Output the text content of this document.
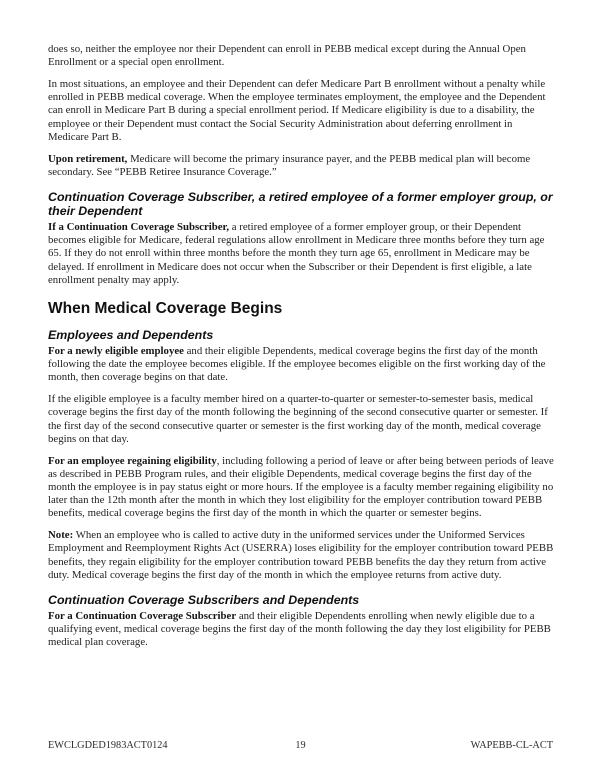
does so, neither the employee nor their Dependent can enroll in PEBB medical except during the Annual Open Enrollment or a special open enrollment.

In most situations, an employee and their Dependent can defer Medicare Part B enrollment without a penalty while enrolled in PEBB medical coverage. When the employee terminates employment, the employee and the Dependent can enroll in Medicare Part B during a special enrollment period. If Medicare eligibility is due to a disability, the employee or their Dependent must contact the Social Security Administration about deferring enrollment in Medicare Part B.

Upon retirement, Medicare will become the primary insurance payer, and the PEBB medical plan will become secondary. See “PEBB Retiree Insurance Coverage.”

Continuation Coverage Subscriber, a retired employee of a former employer group, or their Dependent

If a Continuation Coverage Subscriber, a retired employee of a former employer group, or their Dependent becomes eligible for Medicare, federal regulations allow enrollment in Medicare three months before they turn age 65. If they do not enroll within three months before the month they turn age 65, enrollment in Medicare may be delayed. If enrollment in Medicare does not occur when the Subscriber or their Dependent is first eligible, a late enrollment penalty may apply.

When Medical Coverage Begins
Employees and Dependents

For a newly eligible employee and their eligible Dependents, medical coverage begins the first day of the month following the date the employee becomes eligible. If the employee becomes eligible on the first working day of the month, then coverage begins on that date.

If the eligible employee is a faculty member hired on a quarter-to-quarter or semester-to-semester basis, medical coverage begins the first day of the month following the beginning of the second consecutive quarter or semester. If the first day of the second consecutive quarter or semester is the first working day of the month, medical coverage begins on that day.

For an employee regaining eligibility, including following a period of leave or after being between periods of leave as described in PEBB Program rules, and their eligible Dependents, medical coverage begins the first day of the month the employee is in pay status eight or more hours. If the employee is a faculty member regaining eligibility no later than the 12th month after the month in which they lost eligibility for the employer contribution toward PEBB benefits, medical coverage begins the first day of the month in which the quarter or semester begins.

Note: When an employee who is called to active duty in the uniformed services under the Uniformed Services Employment and Reemployment Rights Act (USERRA) loses eligibility for the employer contribution toward PEBB benefits, they regain eligibility for the employer contribution toward PEBB benefits the day they return from active duty. Medical coverage begins the first day of the month in which the employee returns from active duty.

Continuation Coverage Subscribers and Dependents

For a Continuation Coverage Subscriber and their eligible Dependents enrolling when newly eligible due to a qualifying event, medical coverage begins the first day of the month following the day they lost eligibility for PEBB medical plan coverage.

EWCLGDED1983ACT0124	19	WAPEBB-CL-ACT
